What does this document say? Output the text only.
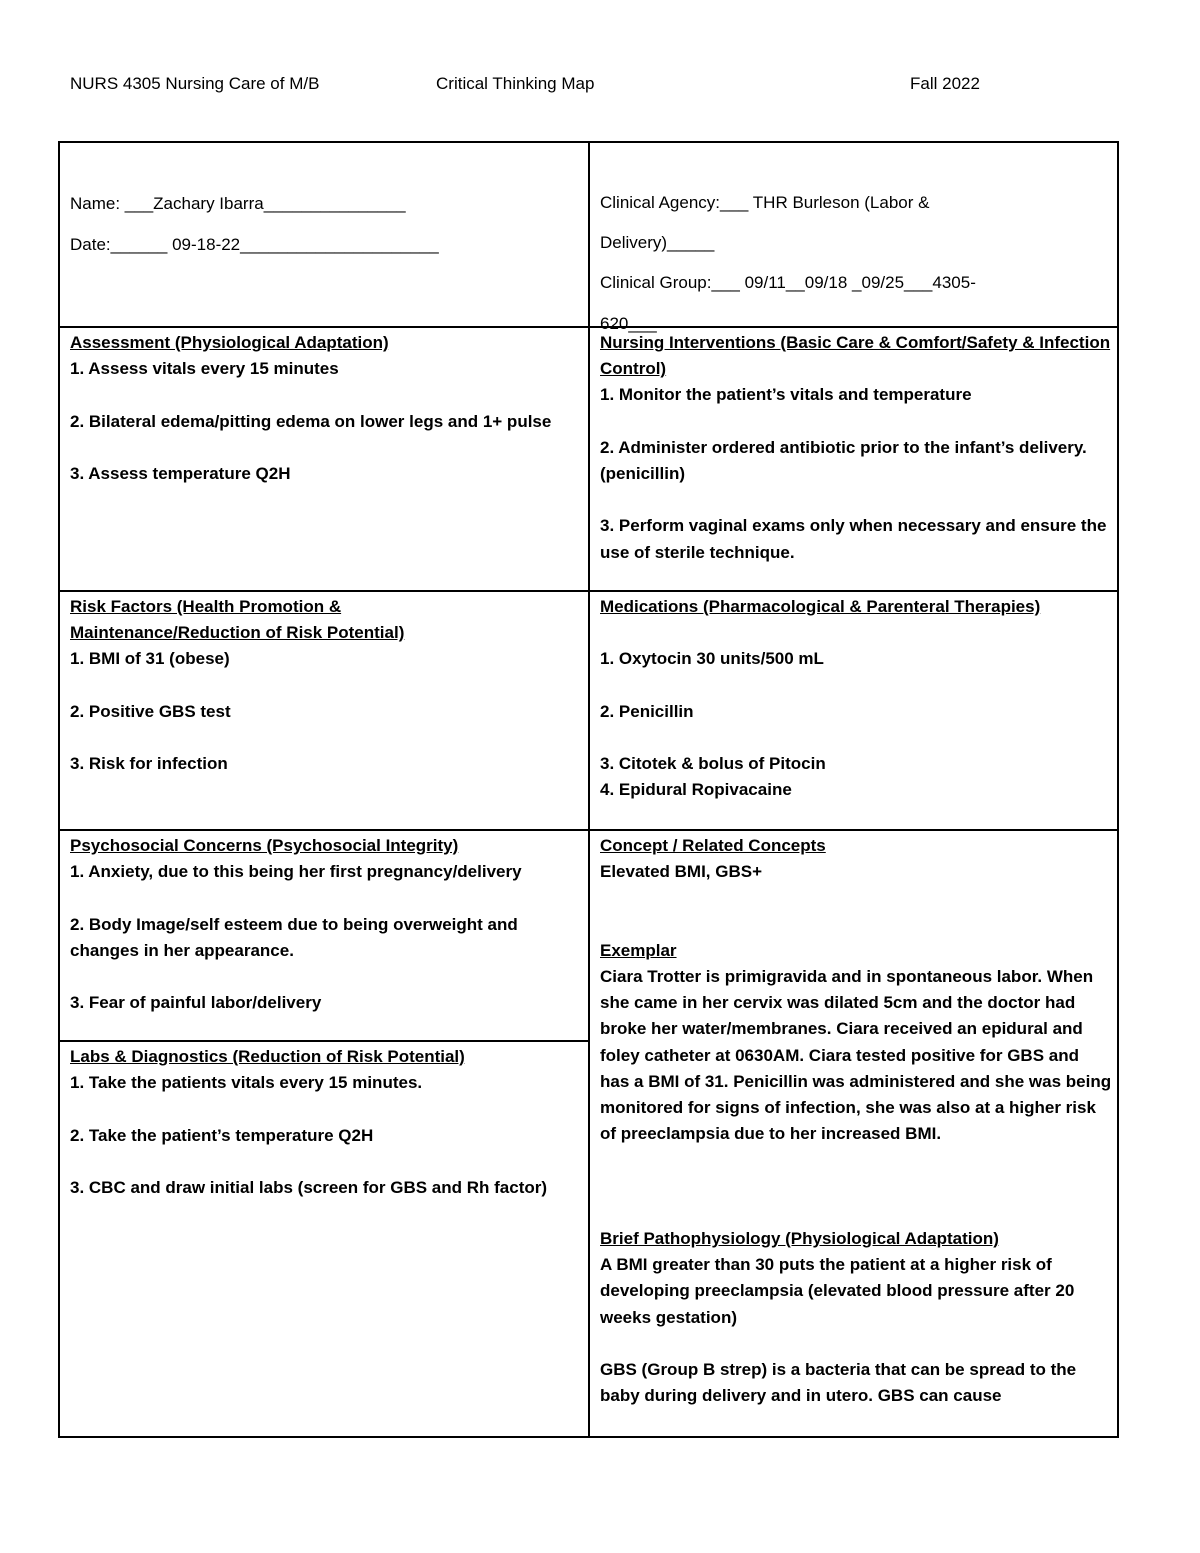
NURS 4305 Nursing Care of M/B	Critical Thinking Map	Fall 2022

Name: ___Zachary Ibarra_______________

Date:______ 09-18-22_____________________

Clinical Agency:___ THR Burleson (Labor &

Delivery)_____

Clinical Group:___ 09/11__09/18 _09/25___4305-

620___

Assessment (Physiological Adaptation)

1. Assess vitals every 15 minutes

2. Bilateral edema/pitting edema on lower legs and 1+ pulse

3. Assess temperature Q2H

Nursing Interventions (Basic Care & Comfort/Safety & Infection Control)

1. Monitor the patient’s vitals and temperature

2. Administer ordered antibiotic prior to the infant’s delivery. (penicillin)

3. Perform vaginal exams only when necessary and ensure the use of sterile technique.

Risk Factors (Health Promotion &

Maintenance/Reduction of Risk Potential)

1. BMI of 31 (obese)

2. Positive GBS test

3. Risk for infection

Medications (Pharmacological & Parenteral Therapies)

1. Oxytocin 30 units/500 mL

2. Penicillin

3. Citotek & bolus of Pitocin

4. Epidural Ropivacaine

Psychosocial Concerns (Psychosocial Integrity)

1. Anxiety, due to this being her first pregnancy/delivery

2. Body Image/self esteem due to being overweight and changes in her appearance.

3. Fear of painful labor/delivery

Labs & Diagnostics (Reduction of Risk Potential)

1. Take the patients vitals every 15 minutes.

2. Take the patient’s temperature Q2H

3. CBC and draw initial labs (screen for GBS and Rh factor)

Concept / Related Concepts

Elevated BMI, GBS+

Exemplar

Ciara Trotter is primigravida and in spontaneous labor. When she came in her cervix was dilated 5cm and the doctor had broke her water/membranes. Ciara received an epidural and foley catheter at 0630AM. Ciara tested positive for GBS and has a BMI of 31. Penicillin was administered and she was being monitored for signs of infection, she was also at a higher risk of preeclampsia due to her increased BMI.

Brief Pathophysiology (Physiological Adaptation)

A BMI greater than 30 puts the patient at a higher risk of developing preeclampsia (elevated blood pressure after 20 weeks gestation)

GBS (Group B strep) is a bacteria that can be spread to the baby during delivery and in utero. GBS can cause
